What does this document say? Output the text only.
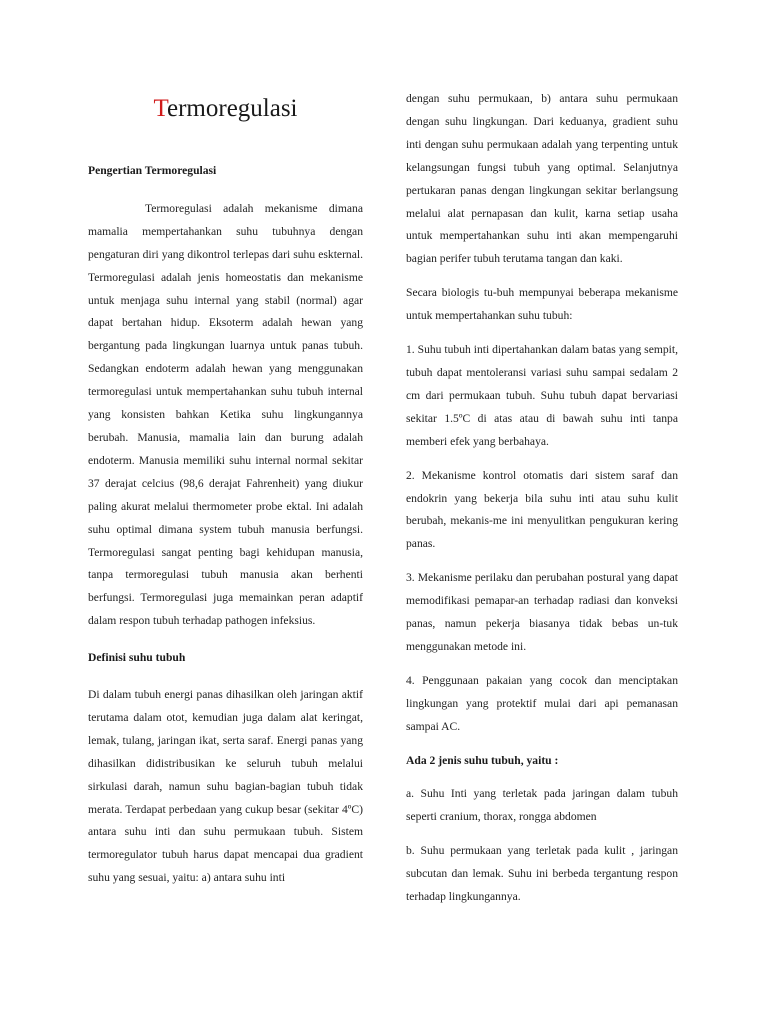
Termoregulasi
Pengertian Termoregulasi

Termoregulasi adalah mekanisme dimana mamalia mempertahankan suhu tubuhnya dengan pengaturan diri yang dikontrol terlepas dari suhu eskternal. Termoregulasi adalah jenis homeostatis dan mekanisme untuk menjaga suhu internal yang stabil (normal) agar dapat bertahan hidup. Eksoterm adalah hewan yang bergantung pada lingkungan luarnya untuk panas tubuh. Sedangkan endoterm adalah hewan yang menggunakan termoregulasi untuk mempertahankan suhu tubuh internal yang konsisten bahkan Ketika suhu lingkungannya berubah. Manusia, mamalia lain dan burung adalah endoterm. Manusia memiliki suhu internal normal sekitar 37 derajat celcius (98,6 derajat Fahrenheit) yang diukur paling akurat melalui thermometer probe ektal. Ini adalah suhu optimal dimana system tubuh manusia berfungsi. Termoregulasi sangat penting bagi kehidupan manusia, tanpa termoregulasi tubuh manusia akan berhenti berfungsi. Termoregulasi juga memainkan peran adaptif dalam respon tubuh terhadap pathogen infeksius.

Definisi suhu tubuh

Di dalam tubuh energi panas dihasilkan oleh jaringan aktif terutama dalam otot, kemudian juga dalam alat keringat, lemak, tulang, jaringan ikat, serta saraf. Energi panas yang dihasilkan didistribusikan ke seluruh tubuh melalui sirkulasi darah, namun suhu bagian-bagian tubuh tidak merata. Terdapat perbedaan yang cukup besar (sekitar 4ºC) antara suhu inti dan suhu permukaan tubuh. Sistem termoregulator tubuh harus dapat mencapai dua gradient suhu yang sesuai, yaitu: a) antara suhu inti

dengan suhu permukaan, b) antara suhu permukaan dengan suhu lingkungan. Dari keduanya, gradient suhu inti dengan suhu permukaan adalah yang terpenting untuk kelangsungan fungsi tubuh yang optimal. Selanjutnya pertukaran panas dengan lingkungan sekitar berlangsung melalui alat pernapasan dan kulit, karna setiap usaha untuk mempertahankan suhu inti akan mempengaruhi bagian perifer tubuh terutama tangan dan kaki.

Secara biologis tu-buh mempunyai beberapa mekanisme untuk mempertahankan suhu tubuh:

1. Suhu tubuh inti dipertahankan dalam batas yang sempit, tubuh dapat mentoleransi variasi suhu sampai sedalam 2 cm dari permukaan tubuh. Suhu tubuh dapat bervariasi sekitar 1.5ºC di atas atau di bawah suhu inti tanpa memberi efek yang berbahaya.

2. Mekanisme kontrol otomatis dari sistem saraf dan endokrin yang bekerja bila suhu inti atau suhu kulit berubah, mekanis-me ini menyulitkan pengukuran kering panas.

3. Mekanisme perilaku dan perubahan postural yang dapat memodifikasi pemapar-an terhadap radiasi dan konveksi panas, namun pekerja biasanya tidak bebas un-tuk menggunakan metode ini.

4. Penggunaan pakaian yang cocok dan menciptakan lingkungan yang protektif mulai dari api pemanasan sampai AC.

Ada 2 jenis suhu tubuh, yaitu :

a. Suhu Inti yang terletak pada jaringan dalam tubuh seperti cranium, thorax, rongga abdomen

b. Suhu permukaan yang terletak pada kulit , jaringan subcutan dan lemak. Suhu ini berbeda tergantung respon terhadap lingkungannya.
